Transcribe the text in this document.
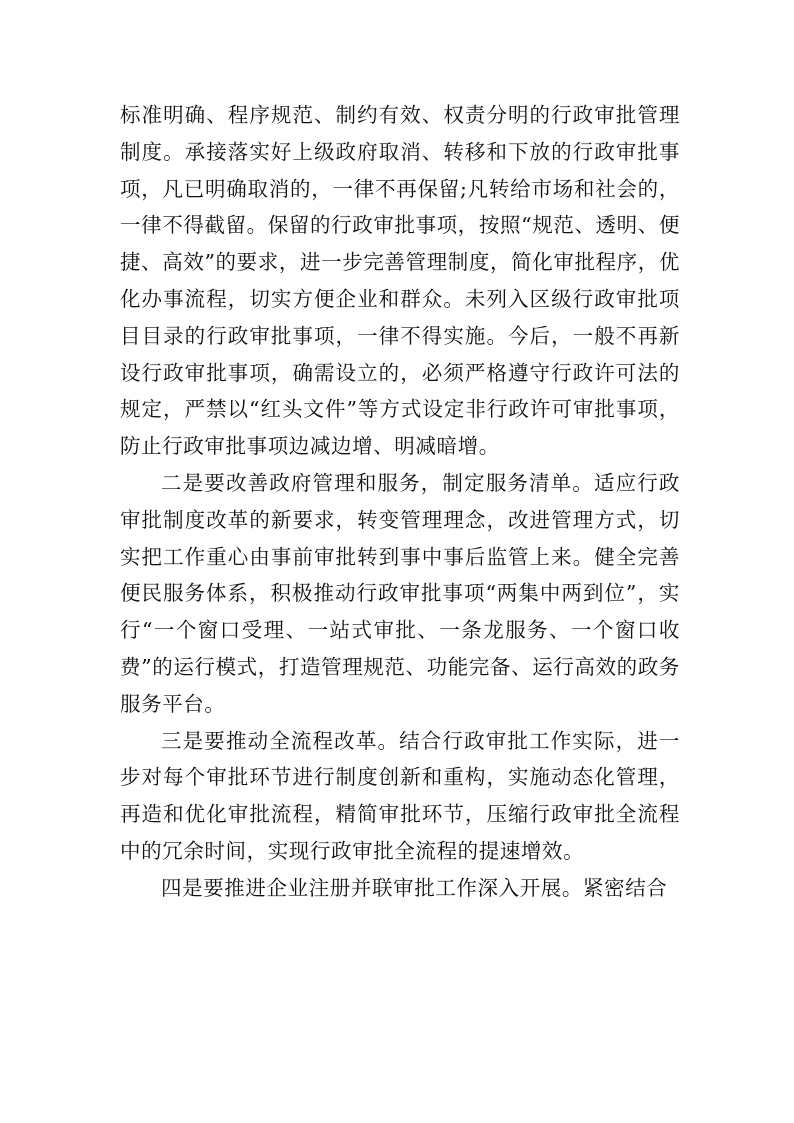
标准明确、程序规范、制约有效、权责分明的行政审批管理制度。承接落实好上级政府取消、转移和下放的行政审批事项，凡已明确取消的，一律不再保留;凡转给市场和社会的，一律不得截留。保留的行政审批事项，按照“规范、透明、便捷、高效”的要求，进一步完善管理制度，简化审批程序，优化办事流程，切实方便企业和群众。未列入区级行政审批项目目录的行政审批事项，一律不得实施。今后，一般不再新设行政审批事项，确需设立的，必须严格遵守行政许可法的规定，严禁以“红头文件”等方式设定非行政许可审批事项，防止行政审批事项边减边增、明减暗增。

二是要改善政府管理和服务，制定服务清单。适应行政审批制度改革的新要求，转变管理理念，改进管理方式，切实把工作重心由事前审批转到事中事后监管上来。健全完善便民服务体系，积极推动行政审批事项“两集中两到位”，实行“一个窗口受理、一站式审批、一条龙服务、一个窗口收费”的运行模式，打造管理规范、功能完备、运行高效的政务服务平台。

三是要推动全流程改革。结合行政审批工作实际，进一步对每个审批环节进行制度创新和重构，实施动态化管理，再造和优化审批流程，精简审批环节，压缩行政审批全流程中的冗余时间，实现行政审批全流程的提速增效。

四是要推进企业注册并联审批工作深入开展。紧密结合
